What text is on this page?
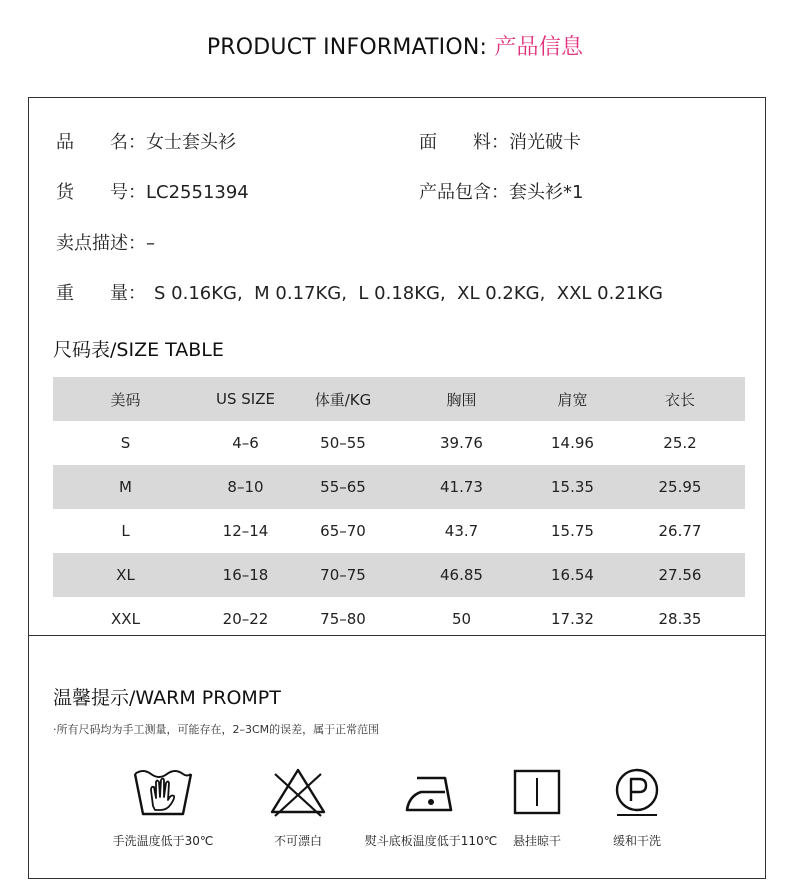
PRODUCT INFORMATION: 产品信息
品　　名：女士套头衫	面　　料：消光破卡
货　　号：LC2551394	产品包含：套头衫*1
卖点描述：–
重　　量： S 0.16KG,  M 0.17KG,  L 0.18KG,  XL 0.2KG,  XXL 0.21KG
尺码表/SIZE TABLE
美码	US SIZE	体重/KG	胸围	肩宽	衣长
S	4–6	50–55	39.76	14.96	25.2
M	8–10	55–65	41.73	15.35	25.95
L	12–14	65–70	43.7	15.75	26.77
XL	16–18	70–75	46.85	16.54	27.56
XXL	20–22	75–80	50	17.32	28.35
温馨提示/WARM PROMPT
·所有尺码均为手工测量，可能存在，2–3CM的误差，属于正常范围
手洗温度低于30℃	不可漂白	熨斗底板温度低于110℃	悬挂晾干	缓和干洗
